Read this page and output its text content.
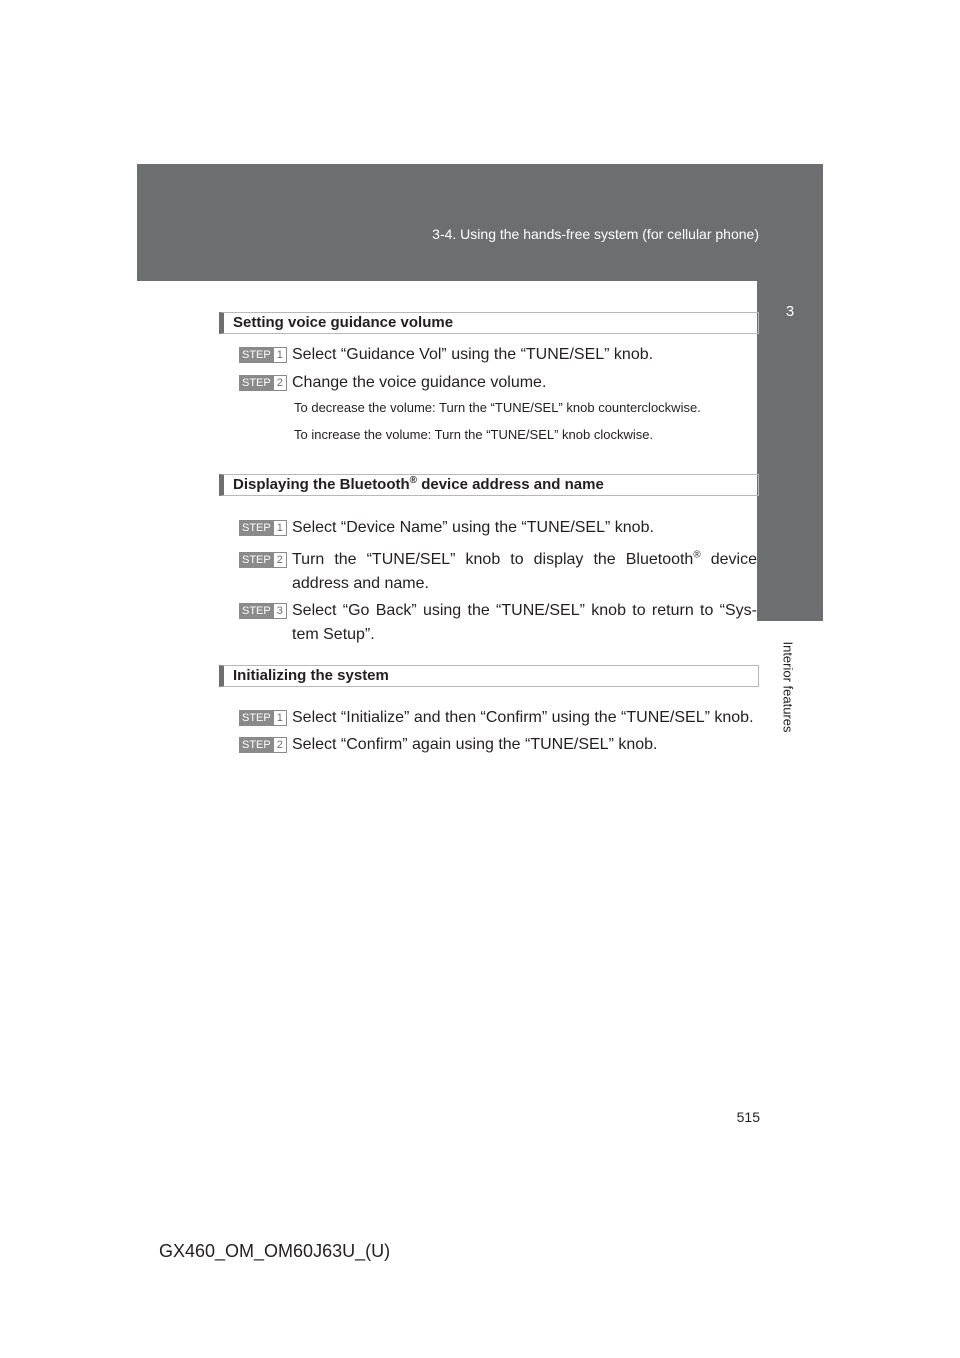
3-4. Using the hands-free system (for cellular phone)
3
Interior features
Setting voice guidance volume
STEP 1 Select “Guidance Vol” using the “TUNE/SEL” knob.
STEP 2 Change the voice guidance volume.
To decrease the volume: Turn the “TUNE/SEL” knob counterclockwise.
To increase the volume: Turn the “TUNE/SEL” knob clockwise.
Displaying the Bluetooth® device address and name
STEP 1 Select “Device Name” using the “TUNE/SEL” knob.
STEP 2 Turn the “TUNE/SEL” knob to display the Bluetooth® device address and name.
STEP 3 Select “Go Back” using the “TUNE/SEL” knob to return to “Sys-tem Setup”.
Initializing the system
STEP 1 Select “Initialize” and then “Confirm” using the “TUNE/SEL” knob.
STEP 2 Select “Confirm” again using the “TUNE/SEL” knob.
515
GX460_OM_OM60J63U_(U)
